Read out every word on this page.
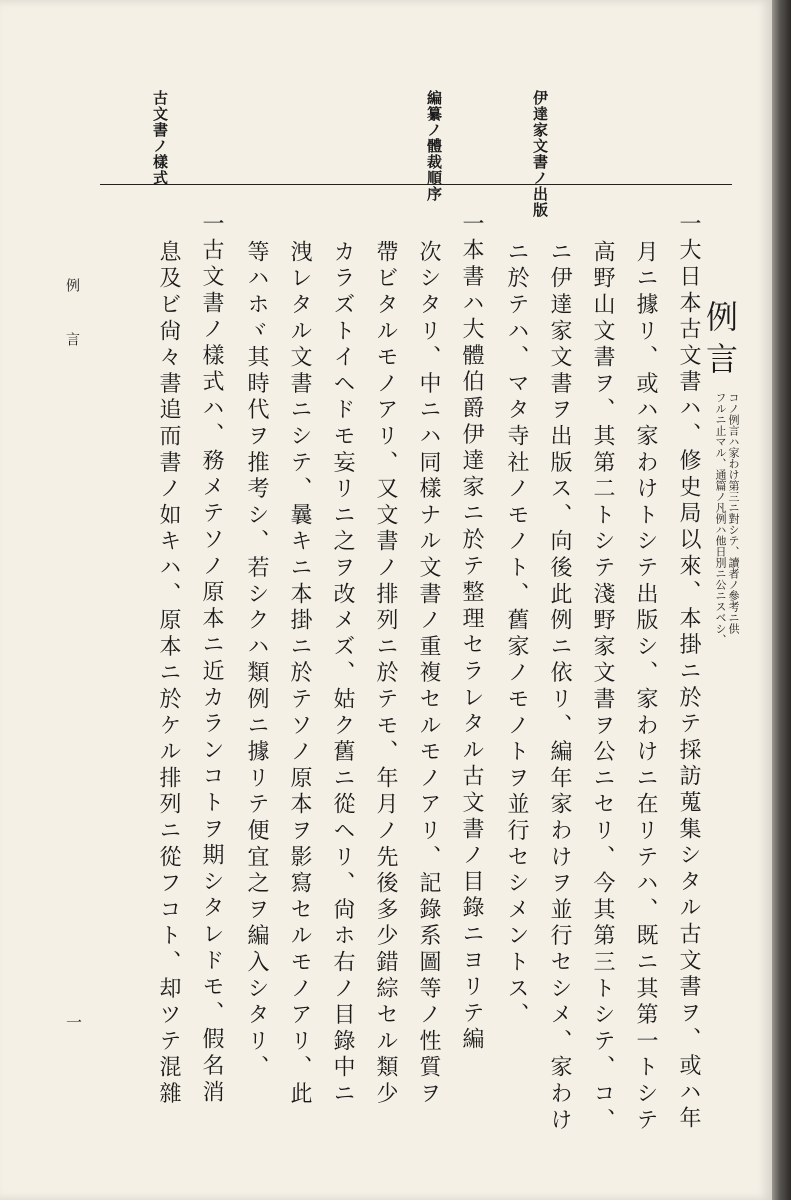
伊達家文書ノ出版
編纂ノ體裁順序
古文書ノ樣式
例言
コノ例言ハ家わけ第三ニ對シテ、讀者ノ參考ニ供
フルニ止マル、通篇ノ凡例ハ他日別ニ公ニスベシ、
一大日本古文書ハ、修史局以來、本掛ニ於テ採訪蒐集シタル古文書ヲ、或ハ年
月ニ據リ、或ハ家わけトシテ出版シ、家わけニ在リテハ、既ニ其第一トシテ
高野山文書ヲ、其第二トシテ淺野家文書ヲ公ニセリ、今其第三トシテ、コ、
ニ伊達家文書ヲ出版ス、向後此例ニ依リ、編年家わけヲ並行セシメ、家わけ
ニ於テハ、マタ寺社ノモノト、舊家ノモノトヲ並行セシメントス、
一本書ハ大體伯爵伊達家ニ於テ整理セラレタル古文書ノ目錄ニヨリテ編
次シタリ、中ニハ同樣ナル文書ノ重複セルモノアリ、記錄系圖等ノ性質ヲ
帶ビタルモノアリ、又文書ノ排列ニ於テモ、年月ノ先後多少錯綜セル類少
カラズトイヘドモ妄リニ之ヲ改メズ、姑ク舊ニ從ヘリ、尙ホ右ノ目錄中ニ
洩レタル文書ニシテ、曩キニ本掛ニ於テソノ原本ヲ影寫セルモノアリ、此
等ハホヾ其時代ヲ推考シ、若シクハ類例ニ據リテ便宜之ヲ編入シタリ、
一古文書ノ樣式ハ、務メテソノ原本ニ近カランコトヲ期シタレドモ、假名消
息及ビ尙々書追而書ノ如キハ、原本ニ於ケル排列ニ從フコト、却ツテ混雜
例言
一
